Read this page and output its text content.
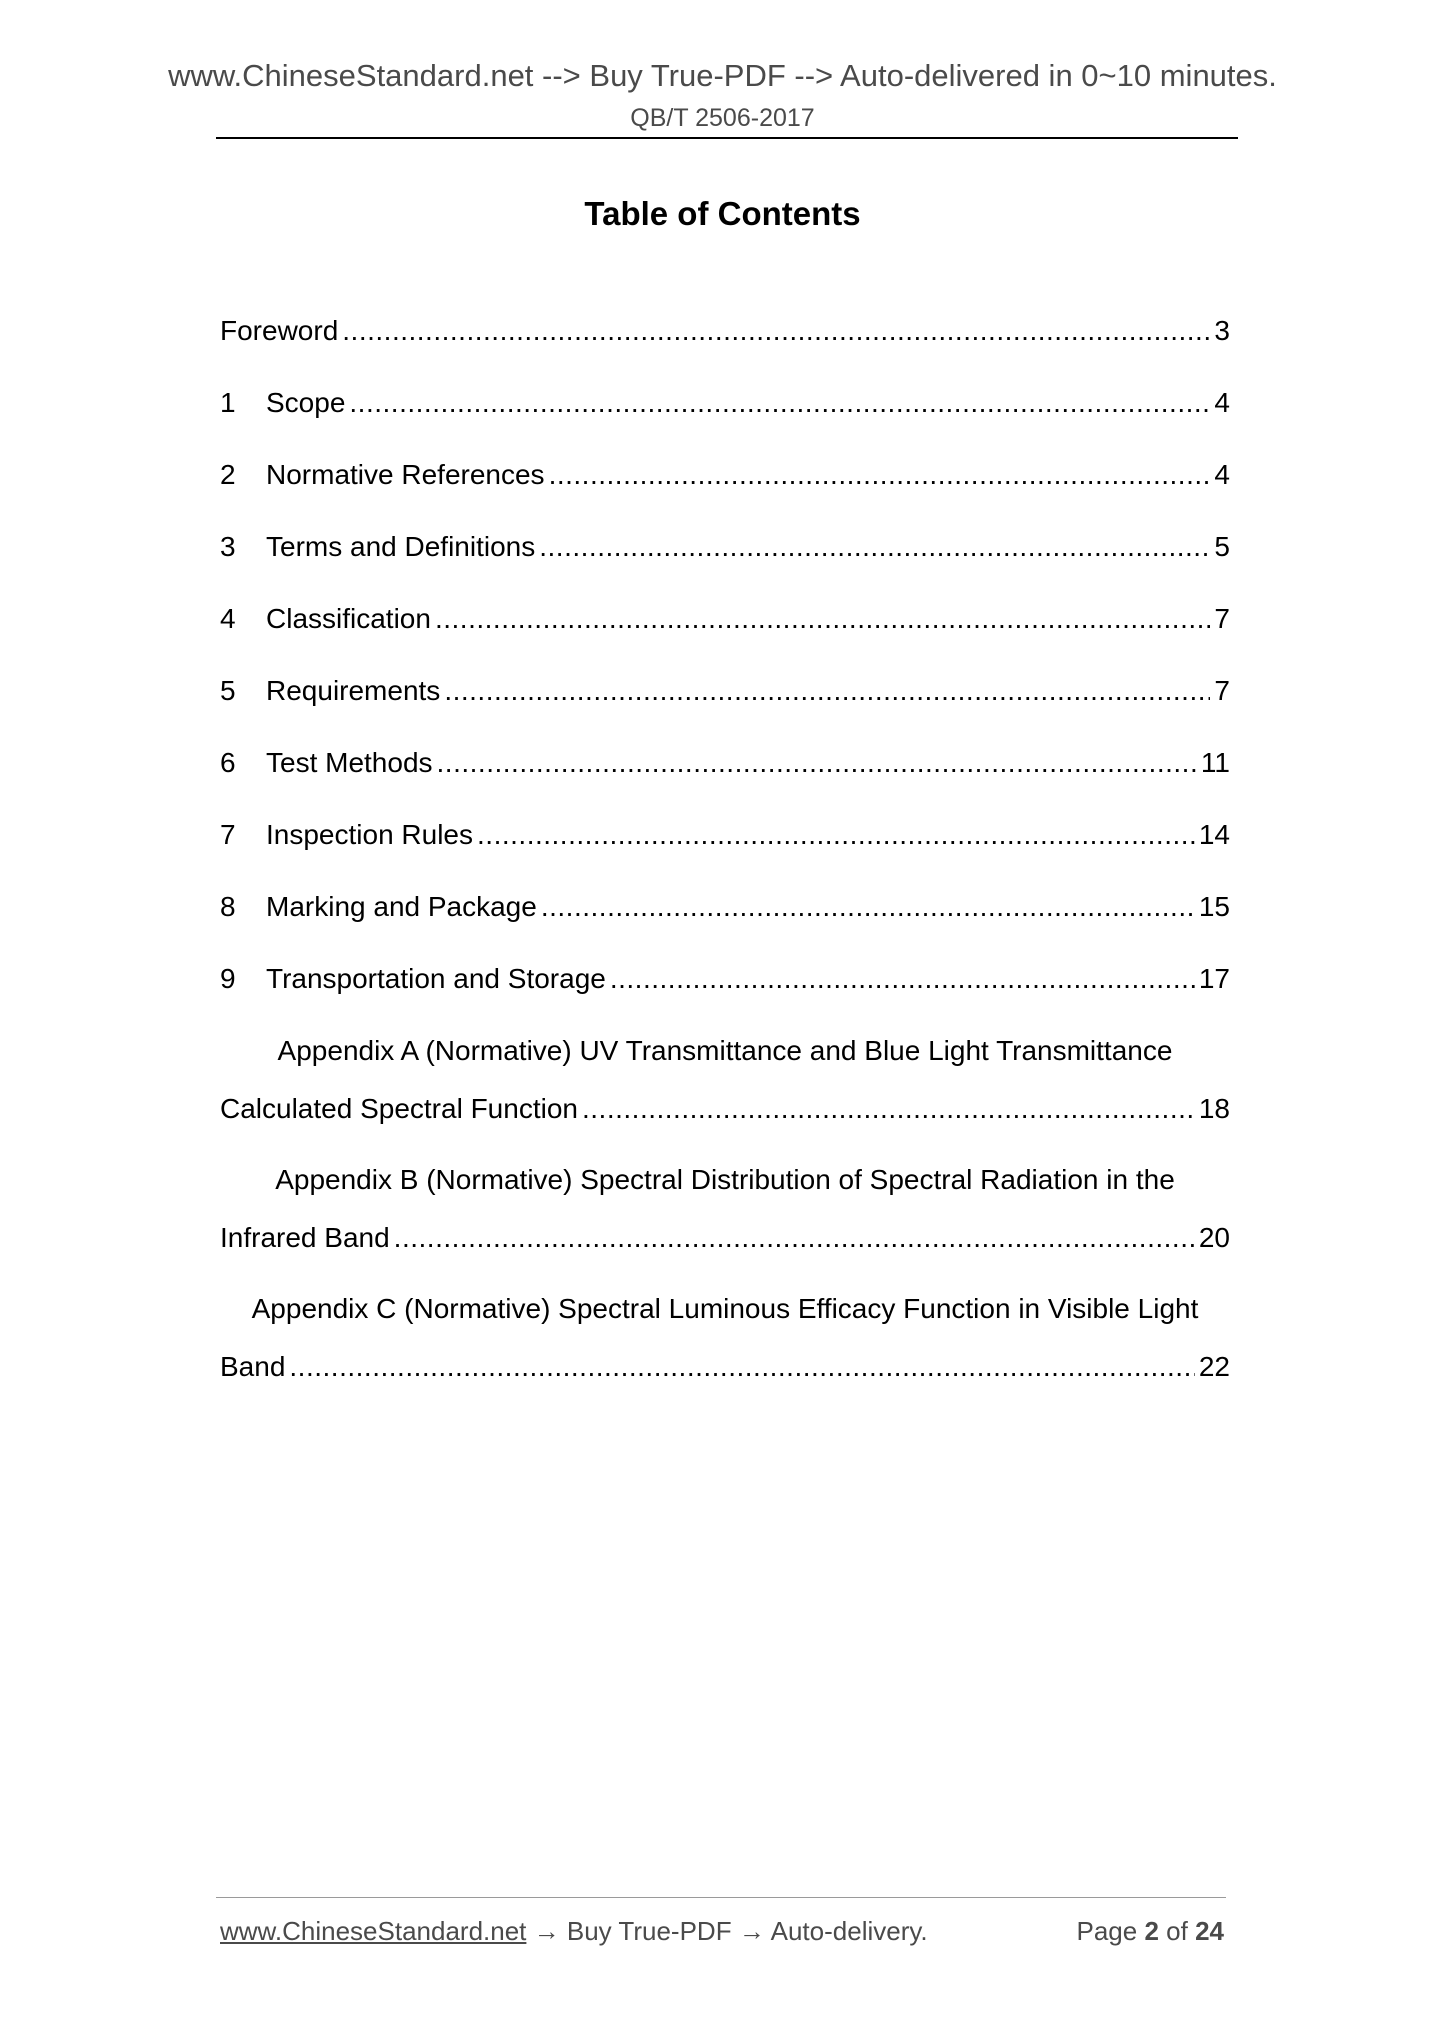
www.ChineseStandard.net --> Buy True-PDF --> Auto-delivered in 0~10 minutes.
QB/T 2506-2017
Table of Contents
Foreword .....	3
1	Scope .....	4
2	Normative References .....	4
3	Terms and Definitions .....	5
4	Classification .....	7
5	Requirements .....	7
6	Test Methods .....	11
7	Inspection Rules .....	14
8	Marking and Package .....	15
9	Transportation and Storage .....	17
Appendix A (Normative) UV Transmittance and Blue Light Transmittance
Calculated Spectral Function .....	18
Appendix B (Normative) Spectral Distribution of Spectral Radiation in the
Infrared Band .....	20
Appendix C (Normative) Spectral Luminous Efficacy Function in Visible Light
Band .....	22
www.ChineseStandard.net → Buy True-PDF → Auto-delivery.	Page 2 of 24
